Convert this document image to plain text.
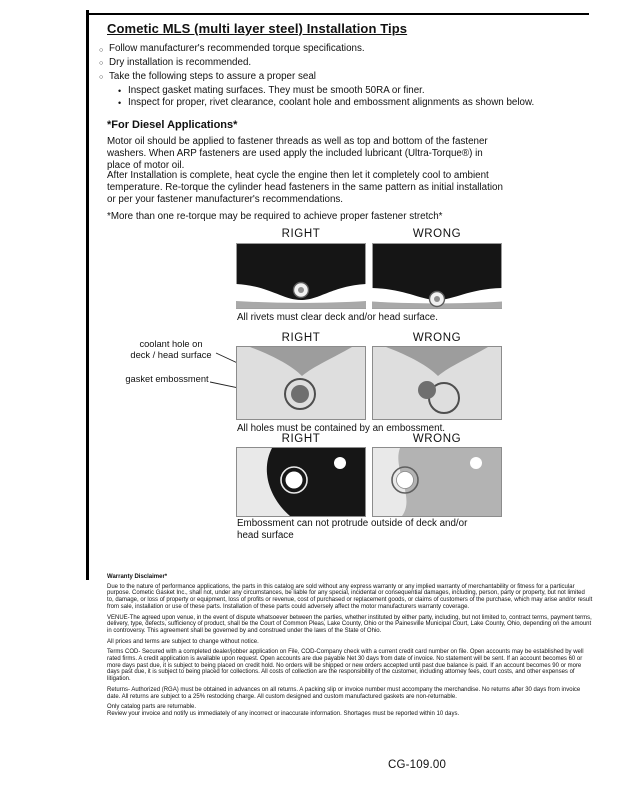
Cometic MLS (multi layer steel) Installation Tips
○ Follow manufacturer's recommended torque specifications.
○ Dry installation is recommended.
○ Take the following steps to assure a proper seal
• Inspect gasket mating surfaces. They must be smooth 50RA or finer.
• Inspect for proper, rivet clearance, coolant hole and embossment alignments as shown below.
*For Diesel Applications*
Motor oil should be applied to fastener threads as well as top and bottom of the fastener washers. When ARP fasteners are used apply the included lubricant (Ultra-Torque®) in place of motor oil.
After Installation is complete, heat cycle the engine then let it completely cool to ambient temperature. Re-torque the cylinder head fasteners in the same pattern as initial installation or per your fastener manufacturer's recommendations.
*More than one re-torque may be required to achieve proper fastener stretch*
RIGHT	WRONG
All rivets must clear deck and/or head surface.
RIGHT	WRONG
coolant hole on
deck / head surface
gasket embossment
All holes must be contained by an embossment.
RIGHT	WRONG
Embossment can not protrude outside of deck and/or head surface
Warranty Disclaimer*
Due to the nature of performance applications, the parts in this catalog are sold without any express warranty or any implied warranty of merchantability or fitness for a particular purpose. Cometic Gasket Inc., shall not, under any circumstances, be liable for any special, incidental or consequential damages, including, person, party or property, but not limited to, damage, or loss of property or equipment, loss of profits or revenue, cost of purchased or replacement goods, or claims of customers of the purchase, which may arise and/or result from sale, installation or use of these parts. Installation of these parts could adversely affect the motor manufacturers warranty coverage.
VENUE-The agreed upon venue, in the event of dispute whatsoever between the parties, whether instituted by either party, including, but not limited to, contract terms, payment terms, delivery, type, defects, sufficiency of product, shall be the Court of Common Pleas, Lake County, Ohio or the Painesville Municipal Court, Lake County, Ohio, depending on the amount in controversy. This agreement shall be governed by and construed under the laws of the State of Ohio.
All prices and terms are subject to change without notice.
Terms COD- Secured with a completed dealer/jobber application on File, COD-Company check with a current credit card number on file. Open accounts may be established by well rated firms. A credit application is available upon request. Open accounts are due payable Net 30 days from date of invoice. No statement will be sent. If an account becomes 60 or more days past due, it is subject to being placed on credit hold. No orders will be shipped or new orders accepted until past due balance is paid. If an account becomes 90 or more days past due, it is subject to being placed for collections. All costs of collection are the responsibility of the customer, including attorney fees, court costs, and other expenses of litigation.
Returns- Authorized (RGA) must be obtained in advances on all returns. A packing slip or invoice number must accompany the merchandise. No returns after 30 days from invoice date. All returns are subject to a 25% restocking charge. All custom designed and custom manufactured gaskets are non-returnable.
Only catalog parts are returnable.
Review your invoice and notify us immediately of any incorrect or inaccurate information. Shortages must be reported within 10 days.
CG-109.00
